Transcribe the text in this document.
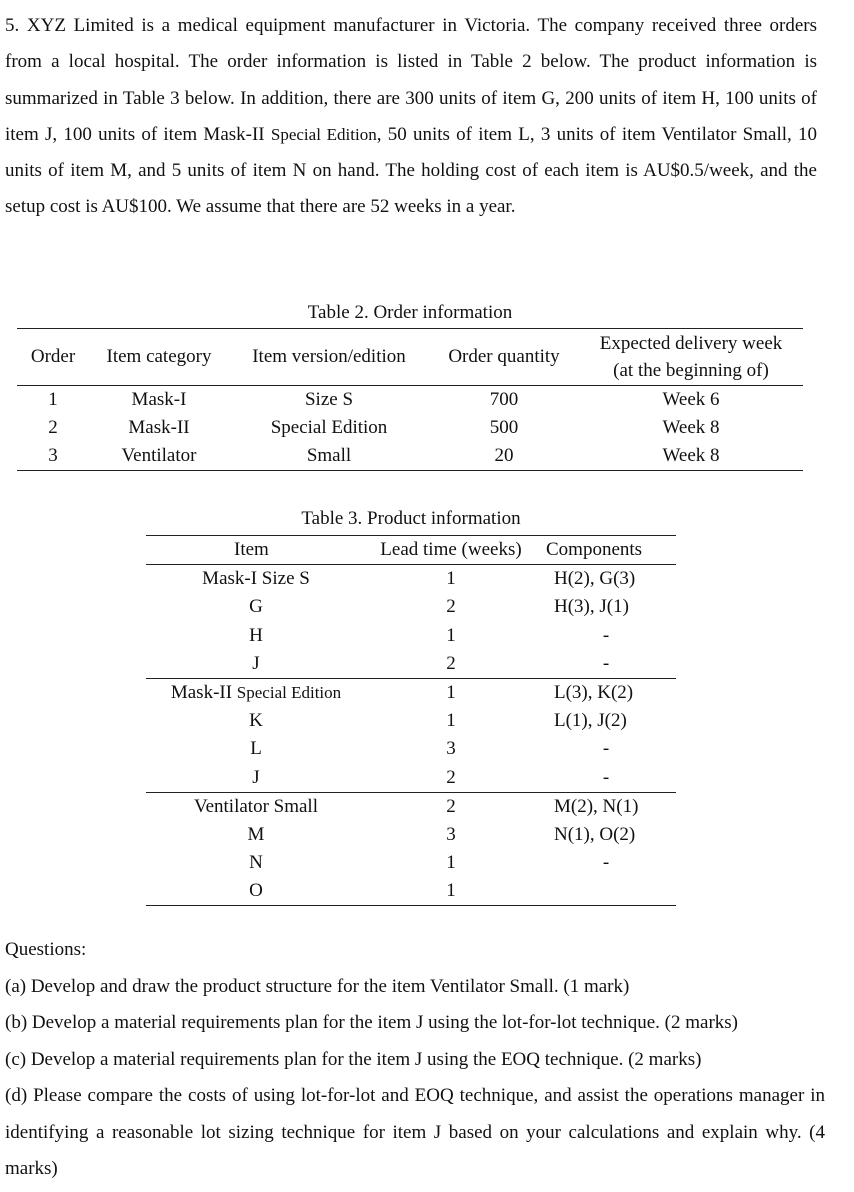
5. XYZ Limited is a medical equipment manufacturer in Victoria. The company received three orders from a local hospital. The order information is listed in Table 2 below. The product information is summarized in Table 3 below. In addition, there are 300 units of item G, 200 units of item H, 100 units of item J, 100 units of item Mask-II Special Edition, 50 units of item L, 3 units of item Ventilator Small, 10 units of item M, and 5 units of item N on hand. The holding cost of each item is AU$0.5/week, and the setup cost is AU$100. We assume that there are 52 weeks in a year.

Table 2. Order information
Order	Item category	Item version/edition	Order quantity	Expected delivery week
(at the beginning of)
1	Mask-I	Size S	700	Week 6
2	Mask-II	Special Edition	500	Week 8
3	Ventilator	Small	20	Week 8
Table 3. Product information
Item	Lead time (weeks)	Components
Mask-I Size S	1	H(2), G(3)
G	2	H(3), J(1)
H	1	-
J	2	-
Mask-II Special Edition	1	L(3), K(2)
K	1	L(1), J(2)
L	3	-
J	2	-
Ventilator Small	2	M(2), N(1)
M	3	N(1), O(2)
N	1	-
O	1	

Questions:

(a) Develop and draw the product structure for the item Ventilator Small. (1 mark)

(b) Develop a material requirements plan for the item J using the lot-for-lot technique. (2 marks)

(c) Develop a material requirements plan for the item J using the EOQ technique. (2 marks)

(d) Please compare the costs of using lot-for-lot and EOQ technique, and assist the operations manager in identifying a reasonable lot sizing technique for item J based on your calculations and explain why. (4 marks)
